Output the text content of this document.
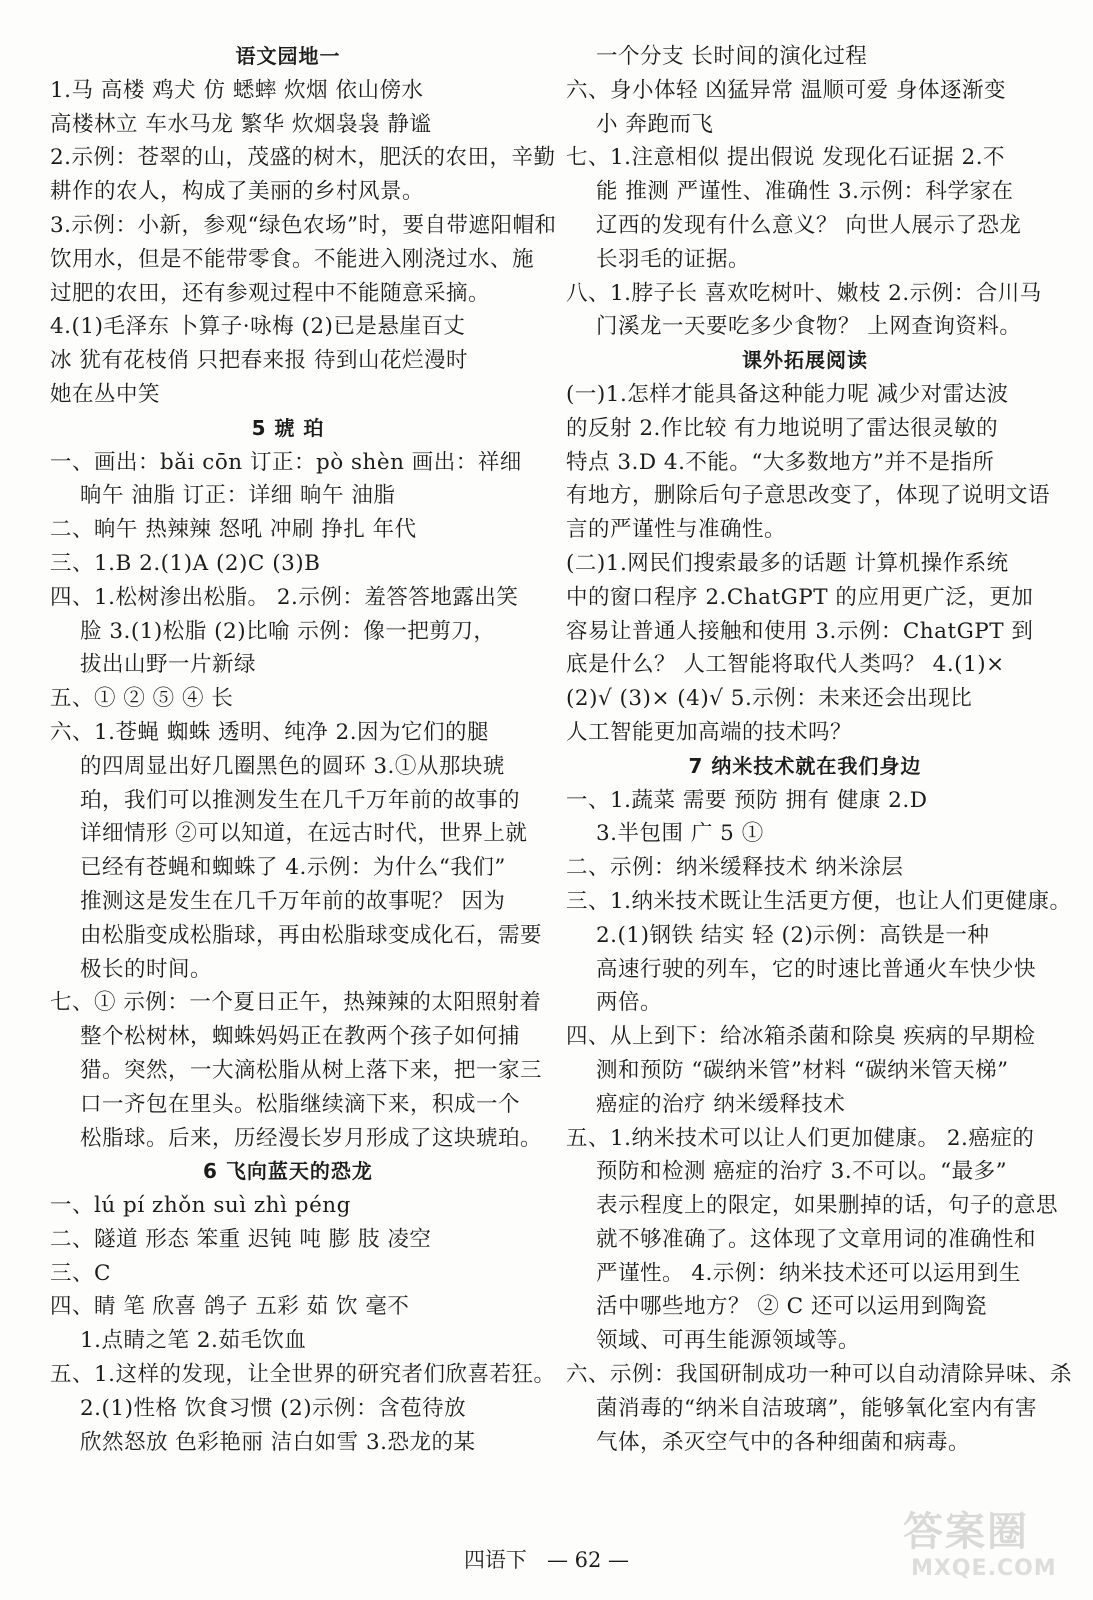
语文园地一
1.马 高楼 鸡犬 仿 蟋蟀 炊烟 依山傍水
高楼林立 车水马龙 繁华 炊烟袅袅 静谧
2.示例：苍翠的山，茂盛的树木，肥沃的农田，辛勤
耕作的农人，构成了美丽的乡村风景。
3.示例：小新，参观“绿色农场”时，要自带遮阳帽和
饮用水，但是不能带零食。不能进入刚浇过水、施
过肥的农田，还有参观过程中不能随意采摘。
4.(1)毛泽东 卜算子·咏梅 (2)已是悬崖百丈
冰 犹有花枝俏 只把春来报 待到山花烂漫时
她在丛中笑
5 琥 珀
一、画出：bǎi cōn 订正：pò shèn 画出：祥细
晌午 油脂 订正：详细 晌午 油脂
二、晌午 热辣辣 怒吼 冲刷 挣扎 年代
三、1.B 2.(1)A (2)C (3)B
四、1.松树渗出松脂。 2.示例：羞答答地露出笑
脸 3.(1)松脂 (2)比喻 示例：像一把剪刀，
拔出山野一片新绿
五、① ② ⑤ ④ 长
六、1.苍蝇 蜘蛛 透明、纯净 2.因为它们的腿
的四周显出好几圈黑色的圆环 3.①从那块琥
珀，我们可以推测发生在几千万年前的故事的
详细情形 ②可以知道，在远古时代，世界上就
已经有苍蝇和蜘蛛了 4.示例：为什么“我们”
推测这是发生在几千万年前的故事呢？ 因为
由松脂变成松脂球，再由松脂球变成化石，需要
极长的时间。
七、① 示例：一个夏日正午，热辣辣的太阳照射着
整个松树林，蜘蛛妈妈正在教两个孩子如何捕
猎。突然，一大滴松脂从树上落下来，把一家三
口一齐包在里头。松脂继续滴下来，积成一个
松脂球。后来，历经漫长岁月形成了这块琥珀。
6 飞向蓝天的恐龙
一、lú pí zhǒn suì zhì péng
二、隧道 形态 笨重 迟钝 吨 膨 肢 凌空
三、C
四、睛 笔 欣喜 鸽子 五彩 茹 饮 毫不
1.点睛之笔 2.茹毛饮血
五、1.这样的发现，让全世界的研究者们欣喜若狂。
2.(1)性格 饮食习惯 (2)示例：含苞待放
欣然怒放 色彩艳丽 洁白如雪 3.恐龙的某
一个分支 长时间的演化过程
六、身小体轻 凶猛异常 温顺可爱 身体逐渐变
小 奔跑而飞
七、1.注意相似 提出假说 发现化石证据 2.不
能 推测 严谨性、准确性 3.示例：科学家在
辽西的发现有什么意义？ 向世人展示了恐龙
长羽毛的证据。
八、1.脖子长 喜欢吃树叶、嫩枝 2.示例：合川马
门溪龙一天要吃多少食物？ 上网查询资料。
课外拓展阅读
(一)1.怎样才能具备这种能力呢 减少对雷达波
的反射 2.作比较 有力地说明了雷达很灵敏的
特点 3.D 4.不能。“大多数地方”并不是指所
有地方，删除后句子意思改变了，体现了说明文语
言的严谨性与准确性。
(二)1.网民们搜索最多的话题 计算机操作系统
中的窗口程序 2.ChatGPT 的应用更广泛，更加
容易让普通人接触和使用 3.示例：ChatGPT 到
底是什么？ 人工智能将取代人类吗？ 4.(1)×
(2)√ (3)× (4)√ 5.示例：未来还会出现比
人工智能更加高端的技术吗？
7 纳米技术就在我们身边
一、1.蔬菜 需要 预防 拥有 健康 2.D
3.半包围 广 5 ①
二、示例：纳米缓释技术 纳米涂层
三、1.纳米技术既让生活更方便，也让人们更健康。
2.(1)钢铁 结实 轻 (2)示例：高铁是一种
高速行驶的列车，它的时速比普通火车快少快
两倍。
四、从上到下：给冰箱杀菌和除臭 疾病的早期检
测和预防 “碳纳米管”材料 “碳纳米管天梯”
癌症的治疗 纳米缓释技术
五、1.纳米技术可以让人们更加健康。 2.癌症的
预防和检测 癌症的治疗 3.不可以。“最多”
表示程度上的限定，如果删掉的话，句子的意思
就不够准确了。这体现了文章用词的准确性和
严谨性。 4.示例：纳米技术还可以运用到生
活中哪些地方？ ② C 还可以运用到陶瓷
领域、可再生能源领域等。
六、示例：我国研制成功一种可以自动清除异味、杀
菌消毒的“纳米自洁玻璃”，能够氧化室内有害
气体，杀灭空气中的各种细菌和病毒。
四语下 — 62 —
答案圈
MXQE.COM
